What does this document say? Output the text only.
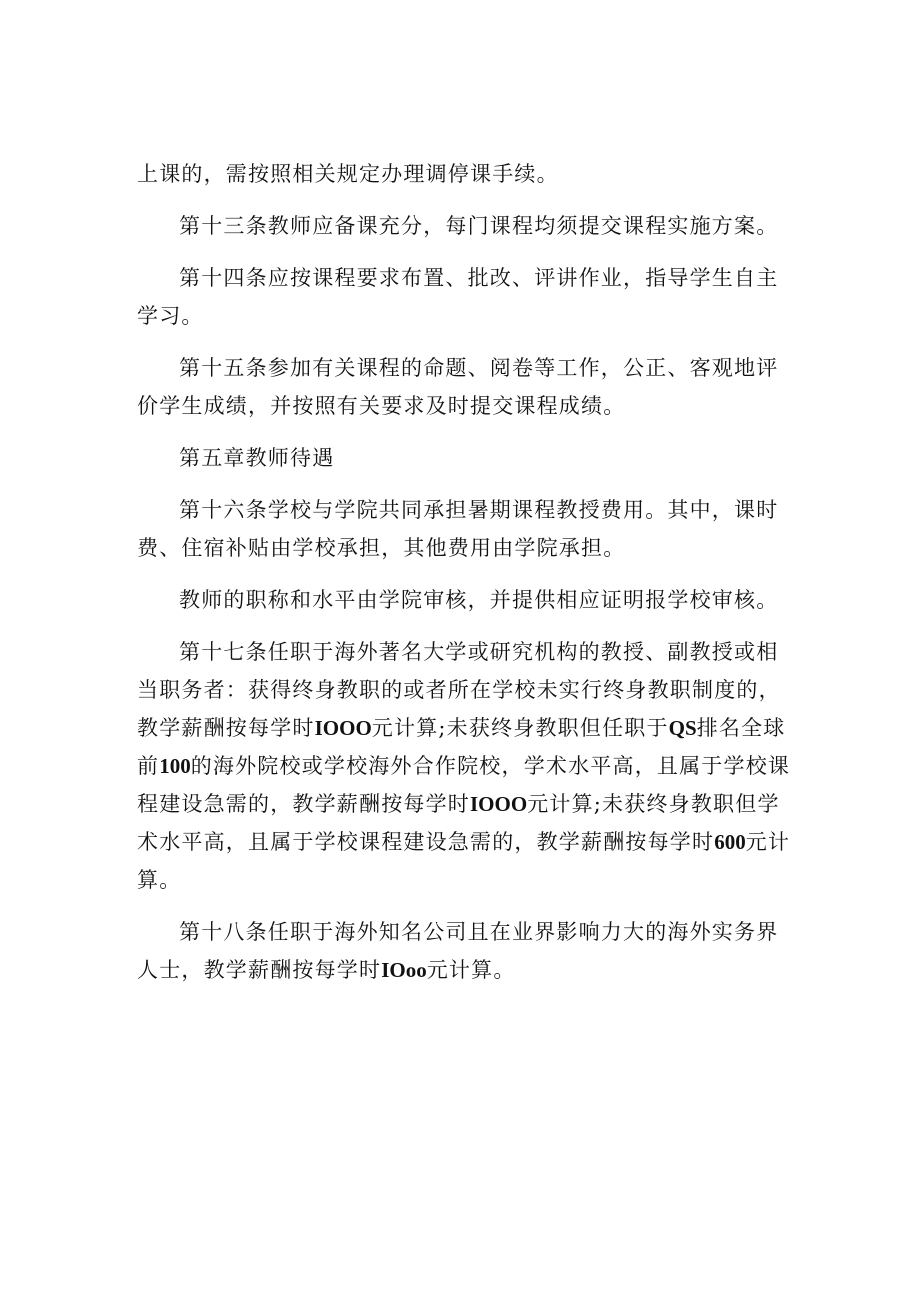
上课的，需按照相关规定办理调停课手续。

第十三条教师应备课充分，每门课程均须提交课程实施方案。

第十四条应按课程要求布置、批改、评讲作业，指导学生自主学习。

第十五条参加有关课程的命题、阅卷等工作，公正、客观地评价学生成绩，并按照有关要求及时提交课程成绩。

第五章教师待遇

第十六条学校与学院共同承担暑期课程教授费用。其中，课时费、住宿补贴由学校承担，其他费用由学院承担。

教师的职称和水平由学院审核，并提供相应证明报学校审核。

第十七条任职于海外著名大学或研究机构的教授、副教授或相当职务者：获得终身教职的或者所在学校未实行终身教职制度的，教学薪酬按每学时IOOO元计算;未获终身教职但任职于QS排名全球前100的海外院校或学校海外合作院校，学术水平高，且属于学校课程建设急需的，教学薪酬按每学时IOOO元计算;未获终身教职但学术水平高，且属于学校课程建设急需的，教学薪酬按每学时600元计算。

第十八条任职于海外知名公司且在业界影响力大的海外实务界人士，教学薪酬按每学时IOoo元计算。
